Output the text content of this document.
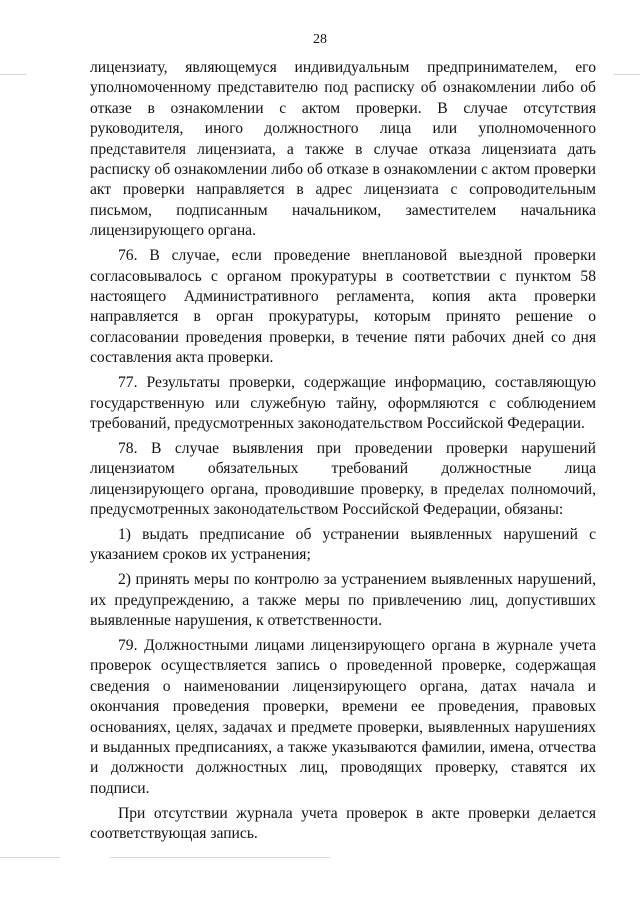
28

лицензиату, являющемуся индивидуальным предпринимателем, его уполномоченному представителю под расписку об ознакомлении либо об отказе в ознакомлении с актом проверки. В случае отсутствия руководителя, иного должностного лица или уполномоченного представителя лицензиата, а также в случае отказа лицензиата дать расписку об ознакомлении либо об отказе в ознакомлении с актом проверки акт проверки направляется в адрес лицензиата с сопроводительным письмом, подписанным начальником, заместителем начальника лицензирующего органа.

76. В случае, если проведение внеплановой выездной проверки согласовывалось с органом прокуратуры в соответствии с пунктом 58 настоящего Административного регламента, копия акта проверки направляется в орган прокуратуры, которым принято решение о согласовании проведения проверки, в течение пяти рабочих дней со дня составления акта проверки.

77. Результаты проверки, содержащие информацию, составляющую государственную или служебную тайну, оформляются с соблюдением требований, предусмотренных законодательством Российской Федерации.

78. В случае выявления при проведении проверки нарушений лицензиатом обязательных требований должностные лица лицензирующего органа, проводившие проверку, в пределах полномочий, предусмотренных законодательством Российской Федерации, обязаны:

1) выдать предписание об устранении выявленных нарушений с указанием сроков их устранения;

2) принять меры по контролю за устранением выявленных нарушений, их предупреждению, а также меры по привлечению лиц, допустивших выявленные нарушения, к ответственности.

79. Должностными лицами лицензирующего органа в журнале учета проверок осуществляется запись о проведенной проверке, содержащая сведения о наименовании лицензирующего органа, датах начала и окончания проведения проверки, времени ее проведения, правовых основаниях, целях, задачах и предмете проверки, выявленных нарушениях и выданных предписаниях, а также указываются фамилии, имена, отчества и должности должностных лиц, проводящих проверку, ставятся их подписи.

При отсутствии журнала учета проверок в акте проверки делается соответствующая запись.
